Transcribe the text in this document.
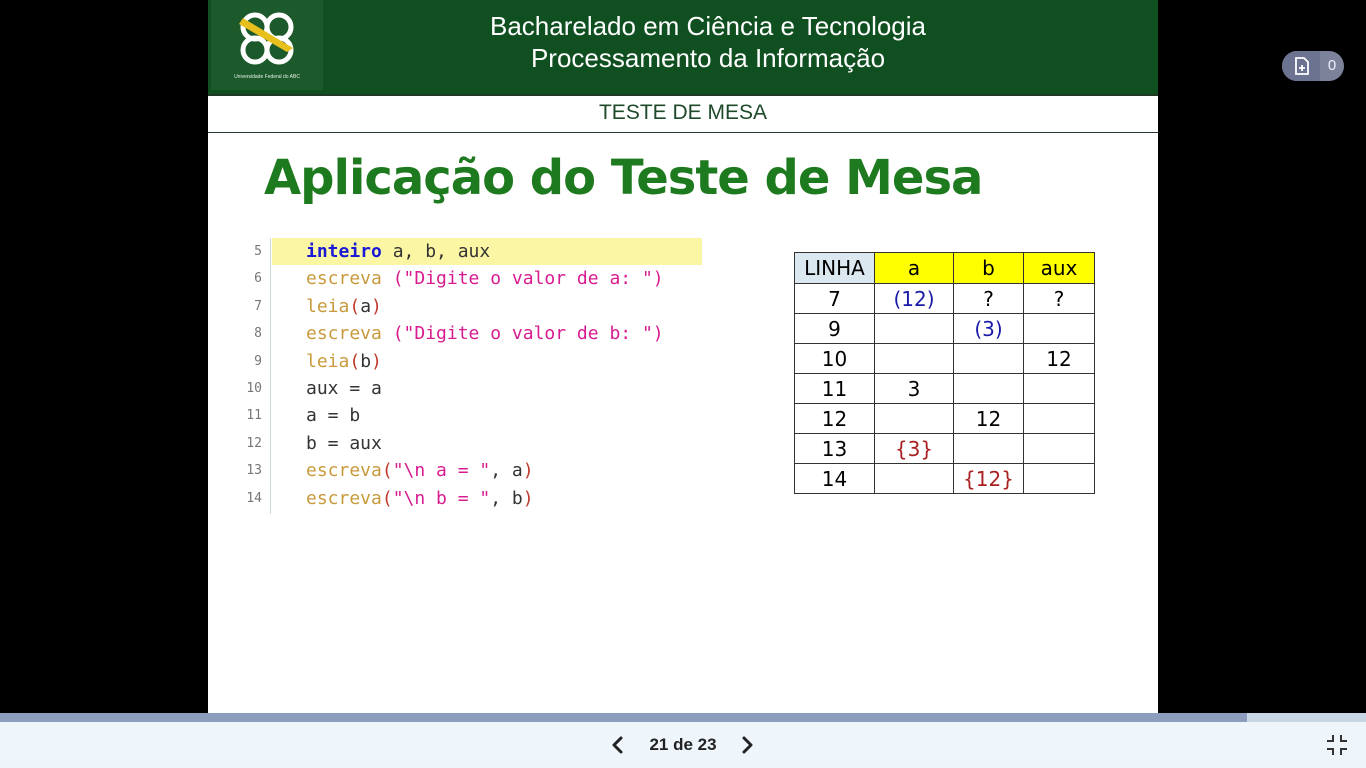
Universidade Federal do ABC
Bacharelado em Ciência e Tecnologia
Processamento da Informação
TESTE DE MESA
Aplicação do Teste de Mesa
5 inteiro a, b, aux
6 escreva ("Digite o valor de a: ")
7 leia(a)
8 escreva ("Digite o valor de b: ")
9 leia(b)
10 aux = a
11 a = b
12 b = aux
13 escreva("\n a = ", a)
14 escreva("\n b = ", b)
LINHA	a	b	aux
7	(12)	?	?
9		(3)	
10			12
11	3		
12		12	
13	{3}		
14		{12}	
0
21 de 23
